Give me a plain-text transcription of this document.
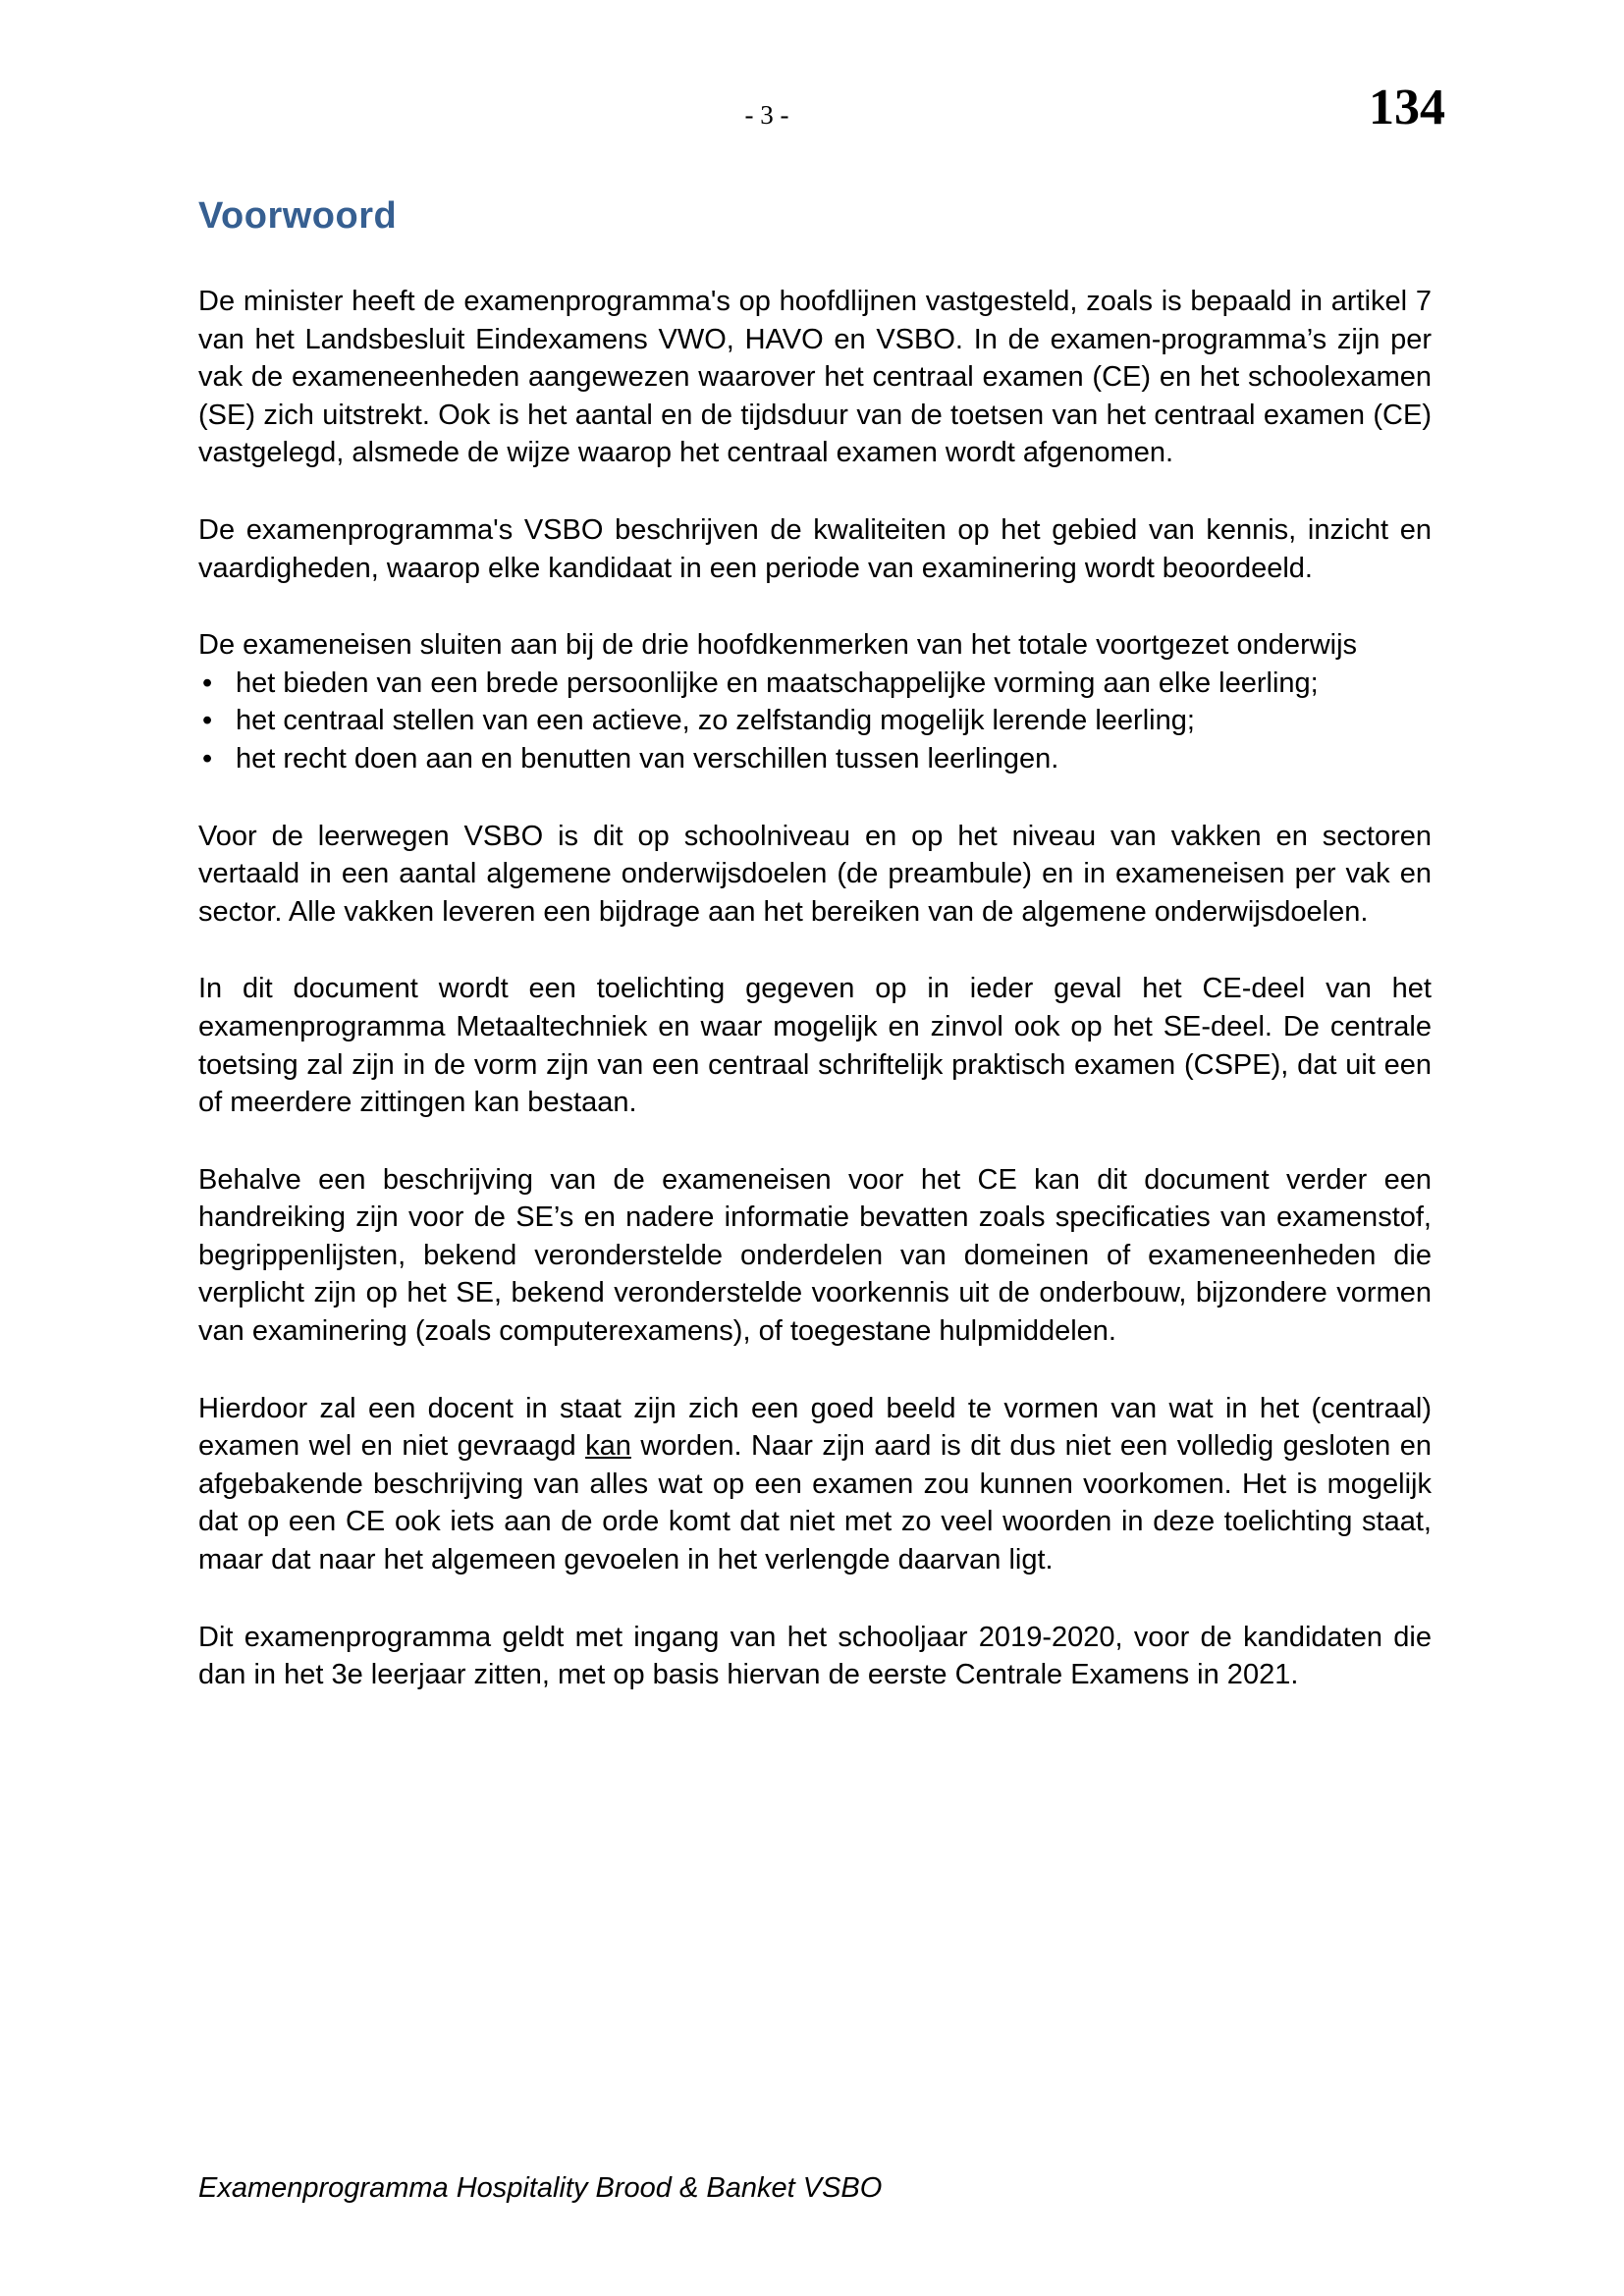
- 3 -	134
Voorwoord

De minister heeft de examenprogramma's op hoofdlijnen vastgesteld, zoals is bepaald in artikel 7 van het Landsbesluit Eindexamens VWO, HAVO en VSBO. In de examen-programma’s zijn per vak de exameneenheden aangewezen waarover het centraal examen (CE) en het schoolexamen (SE) zich uitstrekt. Ook is het aantal en de tijdsduur van de toetsen van het centraal examen (CE) vastgelegd, alsmede de wijze waarop het centraal examen wordt afgenomen.

De examenprogramma's VSBO beschrijven de kwaliteiten op het gebied van kennis, inzicht en vaardigheden, waarop elke kandidaat in een periode van examinering wordt beoordeeld.

De exameneisen sluiten aan bij de drie hoofdkenmerken van het totale voortgezet onderwijs

• het bieden van een brede persoonlijke en maatschappelijke vorming aan elke leerling;
• het centraal stellen van een actieve, zo zelfstandig mogelijk lerende leerling;
• het recht doen aan en benutten van verschillen tussen leerlingen.

Voor de leerwegen VSBO is dit op schoolniveau en op het niveau van vakken en sectoren vertaald in een aantal algemene onderwijsdoelen (de preambule) en in exameneisen per vak en sector. Alle vakken leveren een bijdrage aan het bereiken van de algemene onderwijsdoelen.

In dit document wordt een toelichting gegeven op in ieder geval het CE-deel van het examenprogramma Metaaltechniek en waar mogelijk en zinvol ook op het SE-deel. De centrale toetsing zal zijn in de vorm zijn van een centraal schriftelijk praktisch examen (CSPE), dat uit een of meerdere zittingen kan bestaan.

Behalve een beschrijving van de exameneisen voor het CE kan dit document verder een handreiking zijn voor de SE’s en nadere informatie bevatten zoals specificaties van examenstof, begrippenlijsten, bekend veronderstelde onderdelen van domeinen of exameneenheden die verplicht zijn op het SE, bekend veronderstelde voorkennis uit de onderbouw, bijzondere vormen van examinering (zoals computerexamens), of toegestane hulpmiddelen.

Hierdoor zal een docent in staat zijn zich een goed beeld te vormen van wat in het (centraal) examen wel en niet gevraagd kan worden. Naar zijn aard is dit dus niet een volledig gesloten en afgebakende beschrijving van alles wat op een examen zou kunnen voorkomen. Het is mogelijk dat op een CE ook iets aan de orde komt dat niet met zo veel woorden in deze toelichting staat, maar dat naar het algemeen gevoelen in het verlengde daarvan ligt.

Dit examenprogramma geldt met ingang van het schooljaar 2019-2020, voor de kandidaten die dan in het 3e leerjaar zitten, met op basis hiervan de eerste Centrale Examens in 2021.

Examenprogramma Hospitality Brood & Banket VSBO
